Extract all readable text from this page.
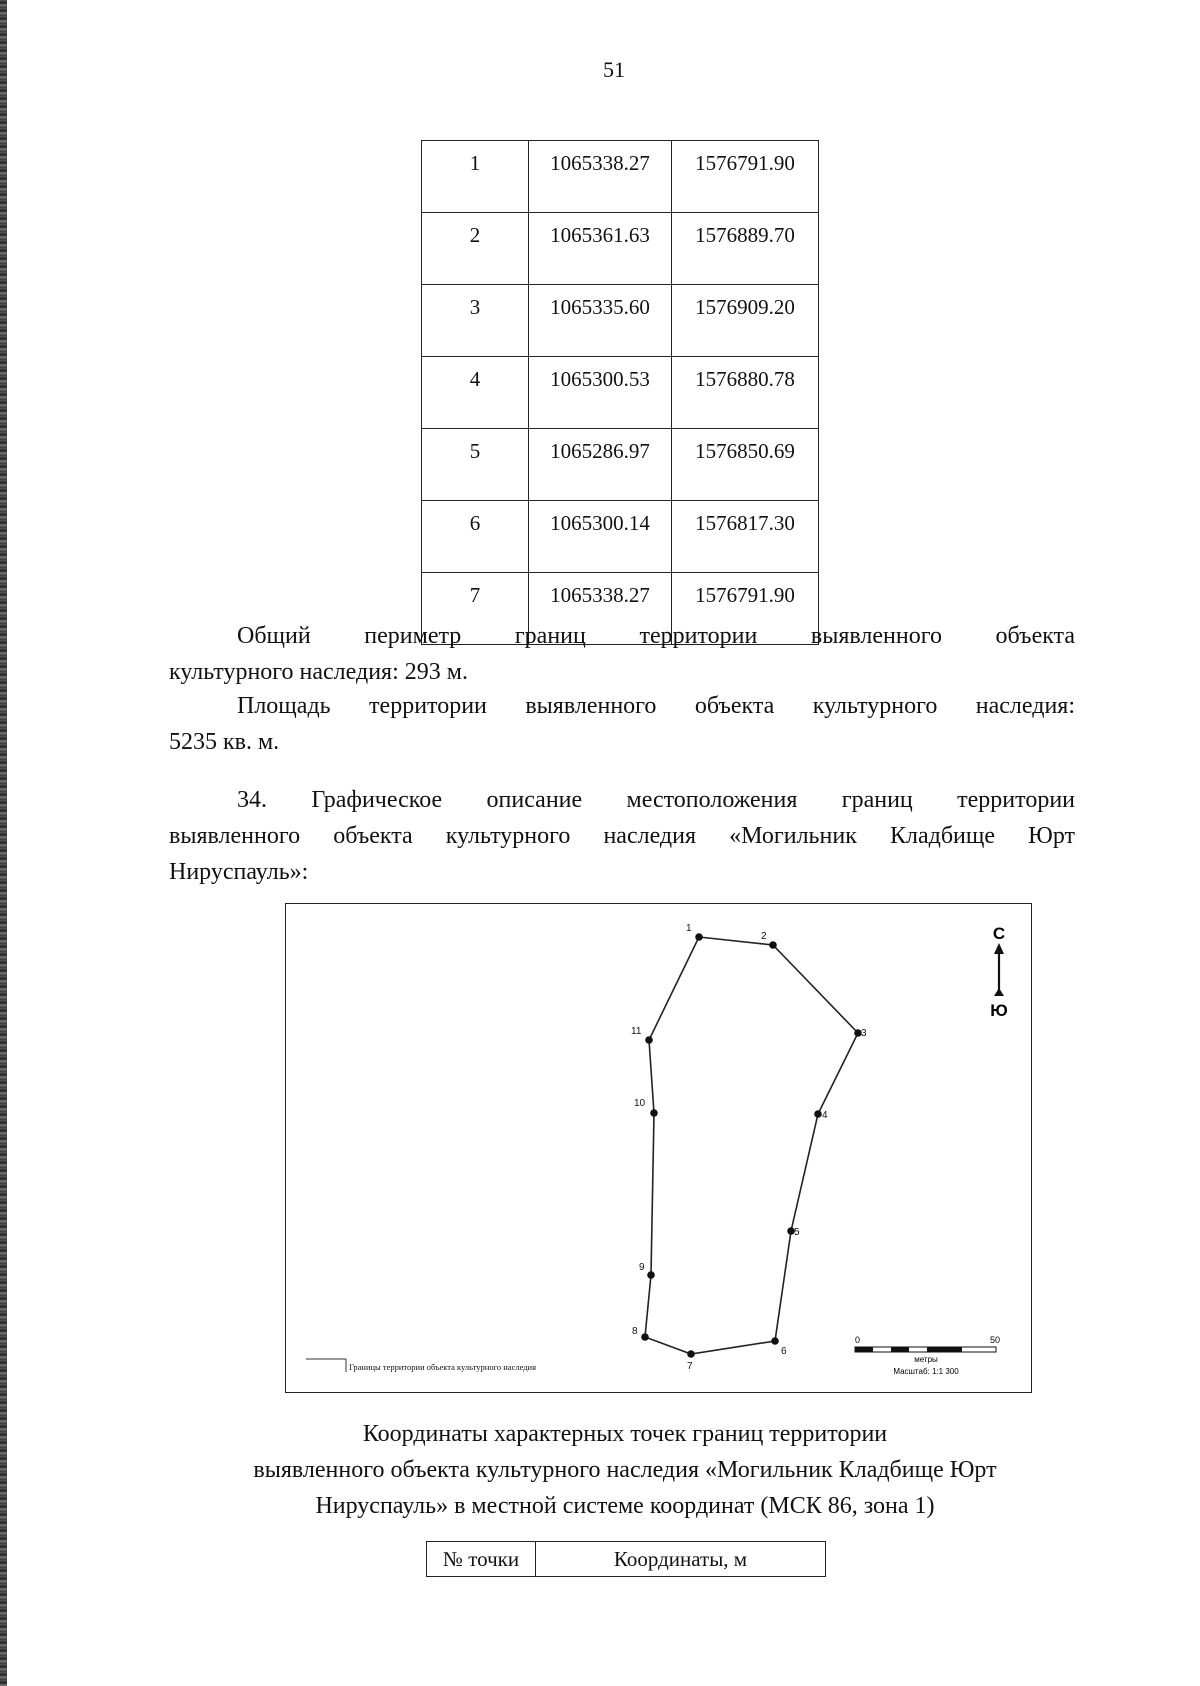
51
1	1065338.27	1576791.90
2	1065361.63	1576889.70
3	1065335.60	1576909.20
4	1065300.53	1576880.78
5	1065286.97	1576850.69
6	1065300.14	1576817.30
7	1065338.27	1576791.90
Общий периметр границ территории выявленного объекта
культурного наследия: 293 м.
Площадь территории выявленного объекта культурного наследия:
5235 кв. м.
34. Графическое описание местоположения границ территории
выявленного объекта культурного наследия «Могильник Кладбище Юрт
Нируспауль»:
1
2
3
4
5
6
7
8
9
10
11
С
Ю
Границы территории объекта культурного наследия
0	50
метры
Масштаб: 1:1 300
Координаты характерных точек границ территории
выявленного объекта культурного наследия «Могильник Кладбище Юрт
Нируспауль» в местной системе координат (МСК 86, зона 1)
№ точки	Координаты, м
